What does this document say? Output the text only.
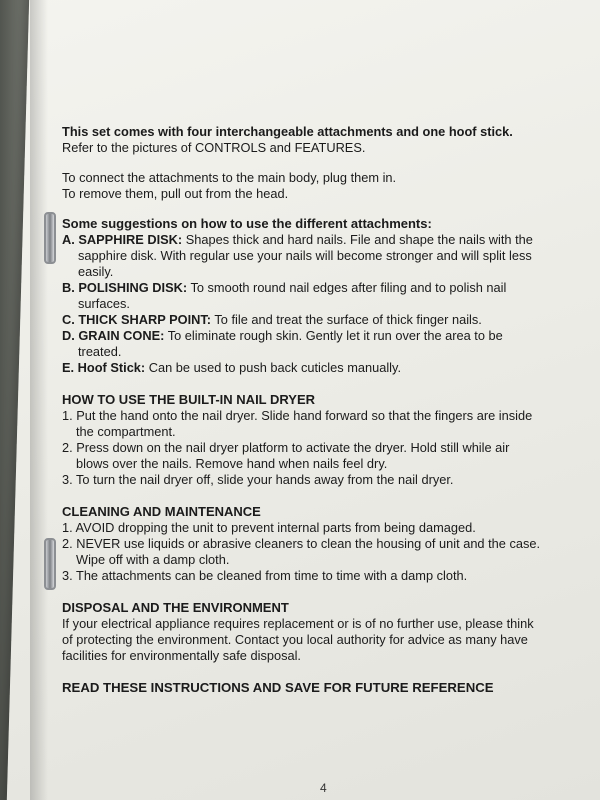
This set comes with four interchangeable attachments and one hoof stick.

Refer to the pictures of CONTROLS and FEATURES.

To connect the attachments to the main body, plug them in.

To remove them, pull out from the head.

Some suggestions on how to use the different attachments:

A. SAPPHIRE DISK: Shapes thick and hard nails. File and shape the nails with the sapphire disk. With regular use your nails will become stronger and will split less easily.

B. POLISHING DISK: To smooth round nail edges after filing and to polish nail surfaces.

C. THICK SHARP POINT: To file and treat the surface of thick finger nails.

D. GRAIN CONE: To eliminate rough skin. Gently let it run over the area to be treated.

E. Hoof Stick: Can be used to push back cuticles manually.

HOW TO USE THE BUILT-IN NAIL DRYER

1. Put the hand onto the nail dryer. Slide hand forward so that the fingers are inside the compartment.

2. Press down on the nail dryer platform to activate the dryer. Hold still while air blows over the nails. Remove hand when nails feel dry.

3. To turn the nail dryer off, slide your hands away from the nail dryer.

CLEANING AND MAINTENANCE

1. AVOID dropping the unit to prevent internal parts from being damaged.

2. NEVER use liquids or abrasive cleaners to clean the housing of unit and the case. Wipe off with a damp cloth.

3. The attachments can be cleaned from time to time with a damp cloth.

DISPOSAL AND THE ENVIRONMENT

If your electrical appliance requires replacement or is of no further use, please think of protecting the environment. Contact you local authority for advice as many have facilities for environmentally safe disposal.

READ THESE INSTRUCTIONS AND SAVE FOR FUTURE REFERENCE

4
